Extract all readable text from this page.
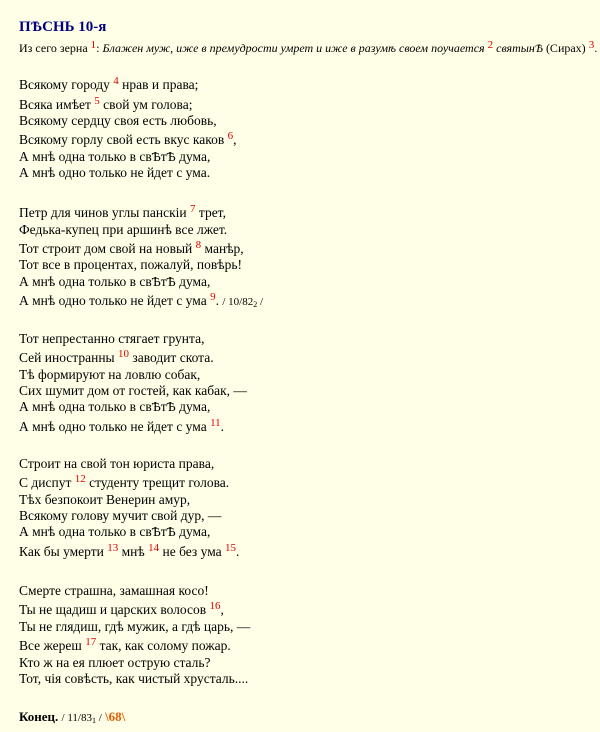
ПѢСНЬ 10-я
Из сего зерна $^1$: Блажен муж, иже в премудрости умрет и иже в разумѣ своем поучается $^2$ святынѢ (Сирах) $^3$.
Всякому городу $^4$ нрав и права;
Всяка имѣет $^5$ свой ум голова;
Всякому сердцу своя есть любовь,
Всякому горлу свой есть вкус каков $^6$,
А мнѣ одна только в свѢтѢ дума,
А мнѣ одно только не йдет с ума.
Петр для чинов углы панскiи $^7$ трет,
Федька-купец при аршинѣ все лжет.
Тот строит дом свой на новый $^8$ манѣр,
Тот все в процентах, пожалуй, повѣрь!
А мнѣ одна только в свѢтѢ дума,
А мнѣ одно только не йдет с ума $^9$. / $10/82_2$ /
Тот непрестанно стягает грунта,
Сей иностранны $^{10}$ заводит скота.
Тѣ формируют на ловлю собак,
Сих шумит дом от гостей, как кабак, —
А мнѣ одна только в свѢтѢ дума,
А мнѣ одно только не йдет с ума $^{11}$.
Строит на свой тон юриста права,
С диспут $^{12}$ студенту трещит голова.
Тѣх безпокоит Венерин амур,
Всякому голову мучит свой дур, —
А мнѣ одна только в свѢтѢ дума,
Как бы умерти $^{13}$ мнѣ $^{14}$ не без ума $^{15}$.
Смерте страшна, замашная косо!
Ты не щадиш и царских волосов $^{16}$,
Ты не глядиш, гдѣ мужик, а гдѣ царь, —
Все жереш $^{17}$ так, как солому пожар.
Кто ж на ея плюет острую сталь?
Тот, чiя совѣсть, как чистый хрусталь....
Конец. / $11/83_1$ / \68\
